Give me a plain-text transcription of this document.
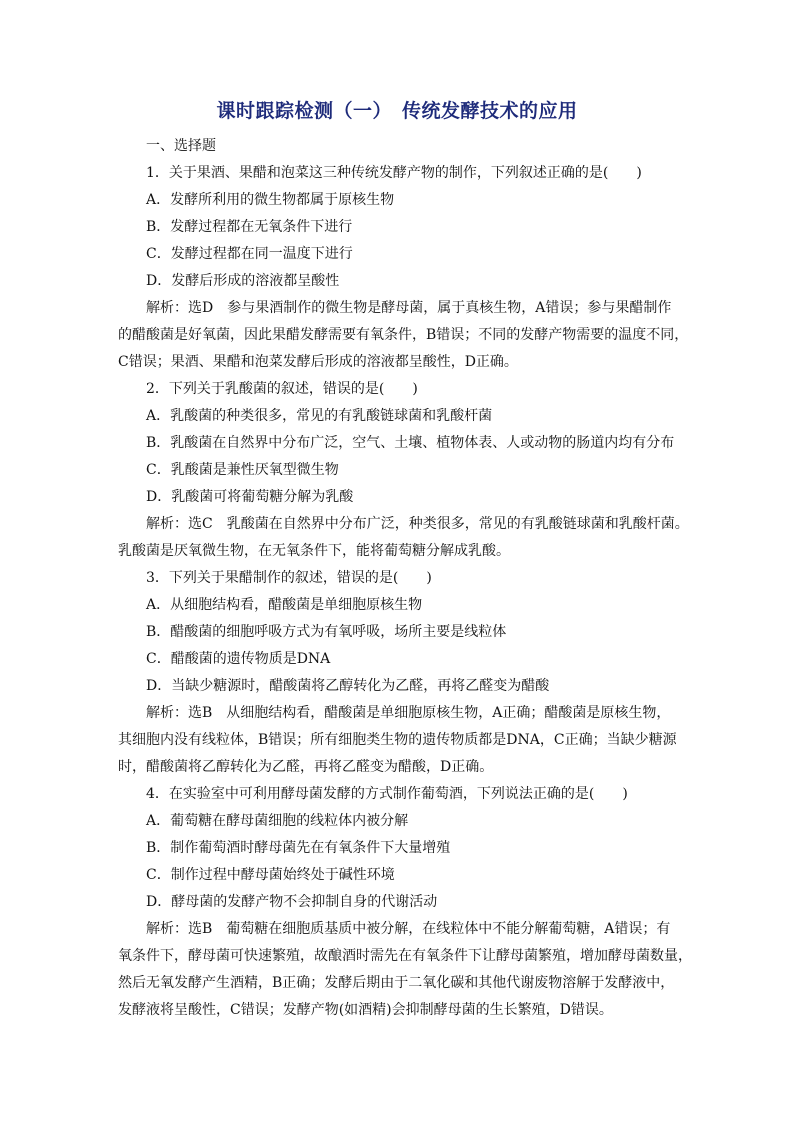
课时跟踪检测（一）　传统发酵技术的应用
一、选择题
1．关于果酒、果醋和泡菜这三种传统发酵产物的制作，下列叙述正确的是(　　)
A．发酵所利用的微生物都属于原核生物
B．发酵过程都在无氧条件下进行
C．发酵过程都在同一温度下进行
D．发酵后形成的溶液都呈酸性
解析：选D　参与果酒制作的微生物是酵母菌，属于真核生物，A错误；参与果醋制作
的醋酸菌是好氧菌，因此果醋发酵需要有氧条件，B错误；不同的发酵产物需要的温度不同，
C错误；果酒、果醋和泡菜发酵后形成的溶液都呈酸性，D正确。
2．下列关于乳酸菌的叙述，错误的是(　　)
A．乳酸菌的种类很多，常见的有乳酸链球菌和乳酸杆菌
B．乳酸菌在自然界中分布广泛，空气、土壤、植物体表、人或动物的肠道内均有分布
C．乳酸菌是兼性厌氧型微生物
D．乳酸菌可将葡萄糖分解为乳酸
解析：选C　乳酸菌在自然界中分布广泛，种类很多，常见的有乳酸链球菌和乳酸杆菌。
乳酸菌是厌氧微生物，在无氧条件下，能将葡萄糖分解成乳酸。
3．下列关于果醋制作的叙述，错误的是(　　)
A．从细胞结构看，醋酸菌是单细胞原核生物
B．醋酸菌的细胞呼吸方式为有氧呼吸，场所主要是线粒体
C．醋酸菌的遗传物质是DNA
D．当缺少糖源时，醋酸菌将乙醇转化为乙醛，再将乙醛变为醋酸
解析：选B　从细胞结构看，醋酸菌是单细胞原核生物，A正确；醋酸菌是原核生物，
其细胞内没有线粒体，B错误；所有细胞类生物的遗传物质都是DNA，C正确；当缺少糖源
时，醋酸菌将乙醇转化为乙醛，再将乙醛变为醋酸，D正确。
4．在实验室中可利用酵母菌发酵的方式制作葡萄酒，下列说法正确的是(　　)
A．葡萄糖在酵母菌细胞的线粒体内被分解
B．制作葡萄酒时酵母菌先在有氧条件下大量增殖
C．制作过程中酵母菌始终处于碱性环境
D．酵母菌的发酵产物不会抑制自身的代谢活动
解析：选B　葡萄糖在细胞质基质中被分解，在线粒体中不能分解葡萄糖，A错误；有
氧条件下，酵母菌可快速繁殖，故酿酒时需先在有氧条件下让酵母菌繁殖，增加酵母菌数量，
然后无氧发酵产生酒精，B正确；发酵后期由于二氧化碳和其他代谢废物溶解于发酵液中，
发酵液将呈酸性，C错误；发酵产物(如酒精)会抑制酵母菌的生长繁殖，D错误。
